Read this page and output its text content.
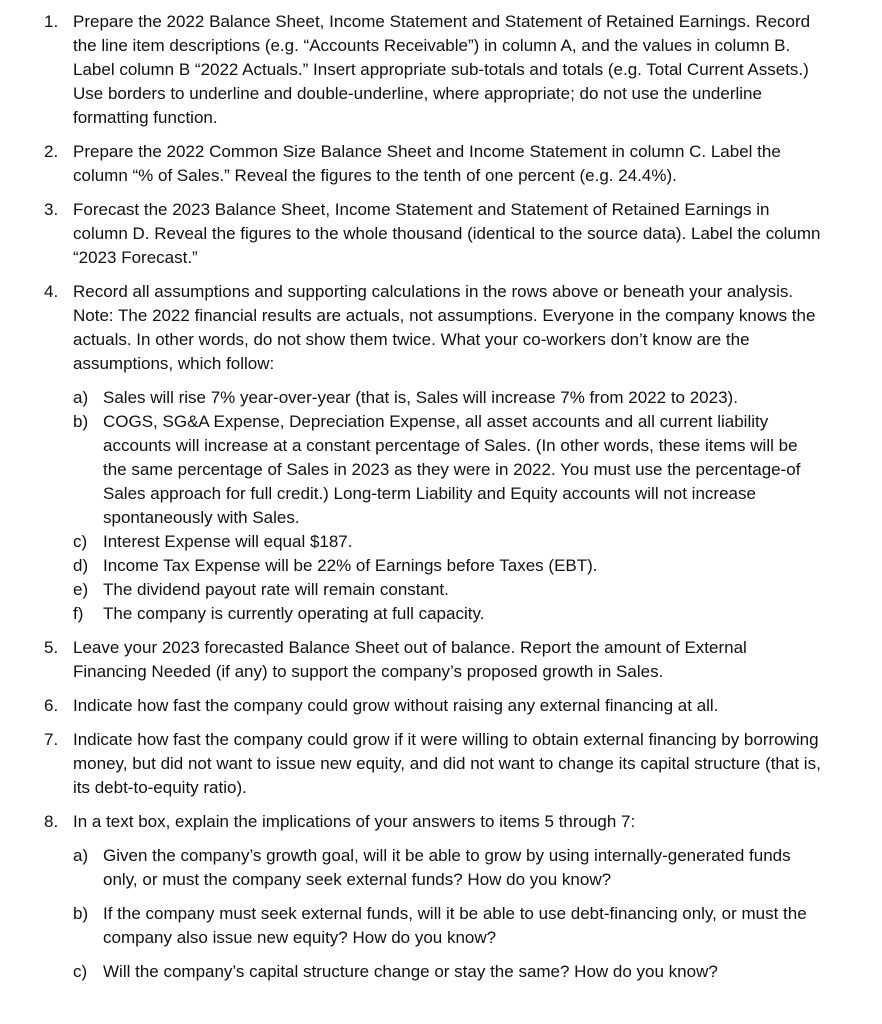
1. Prepare the 2022 Balance Sheet, Income Statement and Statement of Retained Earnings. Record the line item descriptions (e.g. “Accounts Receivable”) in column A, and the values in column B. Label column B “2022 Actuals.” Insert appropriate sub-totals and totals (e.g. Total Current Assets.) Use borders to underline and double-underline, where appropriate; do not use the underline formatting function.

2. Prepare the 2022 Common Size Balance Sheet and Income Statement in column C. Label the column “% of Sales.” Reveal the figures to the tenth of one percent (e.g. 24.4%).

3. Forecast the 2023 Balance Sheet, Income Statement and Statement of Retained Earnings in column D. Reveal the figures to the whole thousand (identical to the source data). Label the column “2023 Forecast.”

4. Record all assumptions and supporting calculations in the rows above or beneath your analysis. Note: The 2022 financial results are actuals, not assumptions. Everyone in the company knows the actuals. In other words, do not show them twice. What your co-workers don’t know are the assumptions, which follow:

a) Sales will rise 7% year-over-year (that is, Sales will increase 7% from 2022 to 2023).

b) COGS, SG&A Expense, Depreciation Expense, all asset accounts and all current liability accounts will increase at a constant percentage of Sales. (In other words, these items will be the same percentage of Sales in 2023 as they were in 2022. You must use the percentage-of Sales approach for full credit.) Long-term Liability and Equity accounts will not increase spontaneously with Sales.

c) Interest Expense will equal $187.

d) Income Tax Expense will be 22% of Earnings before Taxes (EBT).

e) The dividend payout rate will remain constant.

f) The company is currently operating at full capacity.

5. Leave your 2023 forecasted Balance Sheet out of balance. Report the amount of External Financing Needed (if any) to support the company’s proposed growth in Sales.

6. Indicate how fast the company could grow without raising any external financing at all.

7. Indicate how fast the company could grow if it were willing to obtain external financing by borrowing money, but did not want to issue new equity, and did not want to change its capital structure (that is, its debt-to-equity ratio).

8. In a text box, explain the implications of your answers to items 5 through 7:

a) Given the company’s growth goal, will it be able to grow by using internally-generated funds only, or must the company seek external funds? How do you know?

b) If the company must seek external funds, will it be able to use debt-financing only, or must the company also issue new equity? How do you know?

c) Will the company’s capital structure change or stay the same? How do you know?
